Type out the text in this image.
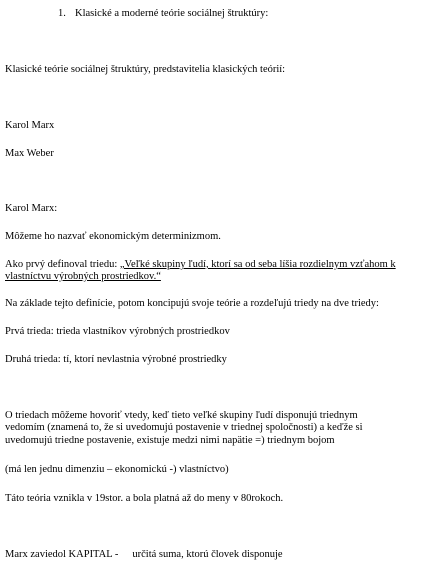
1. Klasické a moderné teórie sociálnej štruktúry:
Klasické teórie sociálnej štruktúry, predstavitelia klasických teórií:
Karol Marx
Max Weber
Karol Marx:
Môžeme ho nazvať ekonomickým determinizmom.
Ako prvý definoval triedu: „Veľké skupiny ľudí, ktorí sa od seba líšia rozdielnym vzťahom k
vlastníctvu výrobných prostriedkov.“
Na základe tejto definície, potom koncipujú svoje teórie a rozdeľujú triedy na dve triedy:
Prvá trieda: trieda vlastníkov výrobných prostriedkov
Druhá trieda: tí, ktorí nevlastnia výrobné prostriedky
O triedach môžeme hovoriť vtedy, keď tieto veľké skupiny ľudí disponujú triednym
vedomím (znamená to, že si uvedomujú postavenie v triednej spoločnosti) a keďže si
uvedomujú triedne postavenie, existuje medzi nimi napätie =) triednym bojom
(má len jednu dimenziu – ekonomickú -) vlastníctvo)
Táto teória vznikla v 19stor. a bola platná až do meny v 80rokoch.
Marx zaviedol KAPITAL - určitá suma, ktorú človek disponuje
